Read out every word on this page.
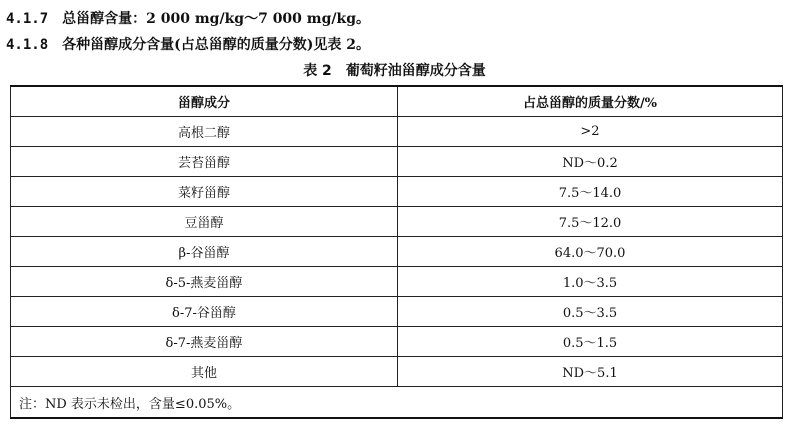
4.1.7 总甾醇含量：2 000 mg/kg～7 000 mg/kg。
4.1.8 各种甾醇成分含量(占总甾醇的质量分数)见表 2。
表 2 葡萄籽油甾醇成分含量
甾醇成分	占总甾醇的质量分数/%
高根二醇	>2
芸苔甾醇	ND～0.2
菜籽甾醇	7.5～14.0
豆甾醇	7.5～12.0
β-谷甾醇	64.0～70.0
δ-5-燕麦甾醇	1.0～3.5
δ-7-谷甾醇	0.5～3.5
δ-7-燕麦甾醇	0.5～1.5
其他	ND～5.1
注：ND 表示未检出，含量≤0.05%。	
